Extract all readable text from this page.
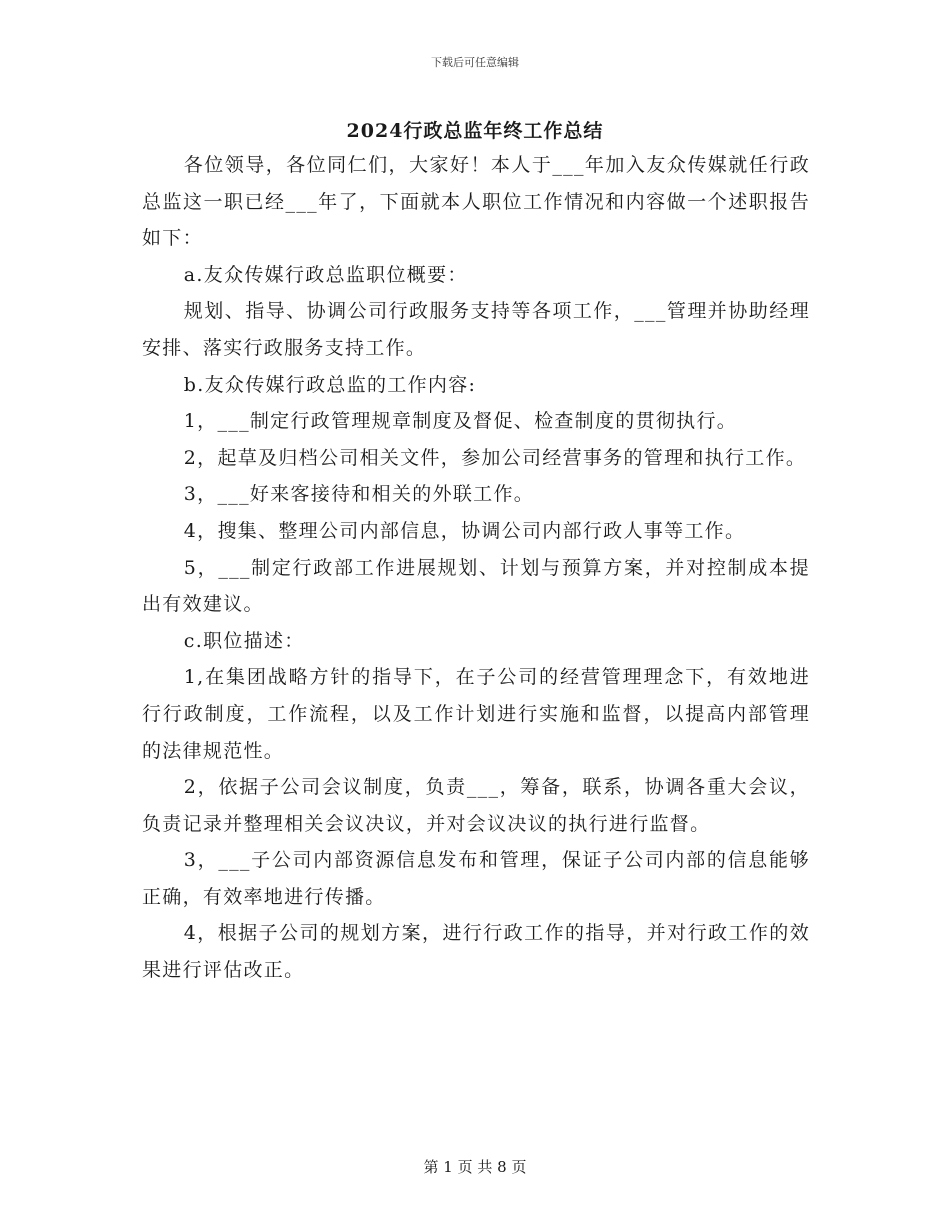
下载后可任意编辑
2024行政总监年终工作总结

各位领导，各位同仁们，大家好！本人于___年加入友众传媒就任行政总监这一职已经___年了，下面就本人职位工作情况和内容做一个述职报告如下：

a.友众传媒行政总监职位概要：

规划、指导、协调公司行政服务支持等各项工作，___管理并协助经理安排、落实行政服务支持工作。

b.友众传媒行政总监的工作内容:

1，___制定行政管理规章制度及督促、检查制度的贯彻执行。

2，起草及归档公司相关文件，参加公司经营事务的管理和执行工作。

3，___好来客接待和相关的外联工作。

4，搜集、整理公司内部信息，协调公司内部行政人事等工作。

5，___制定行政部工作进展规划、计划与预算方案，并对控制成本提出有效建议。

c.职位描述：

1,在集团战略方针的指导下，在子公司的经营管理理念下，有效地进行行政制度，工作流程，以及工作计划进行实施和监督，以提高内部管理的法律规范性。

2，依据子公司会议制度，负责___，筹备，联系，协调各重大会议，负责记录并整理相关会议决议，并对会议决议的执行进行监督。

3，___子公司内部资源信息发布和管理，保证子公司内部的信息能够正确，有效率地进行传播。

4，根据子公司的规划方案，进行行政工作的指导，并对行政工作的效果进行评估改正。

第 1 页 共 8 页
